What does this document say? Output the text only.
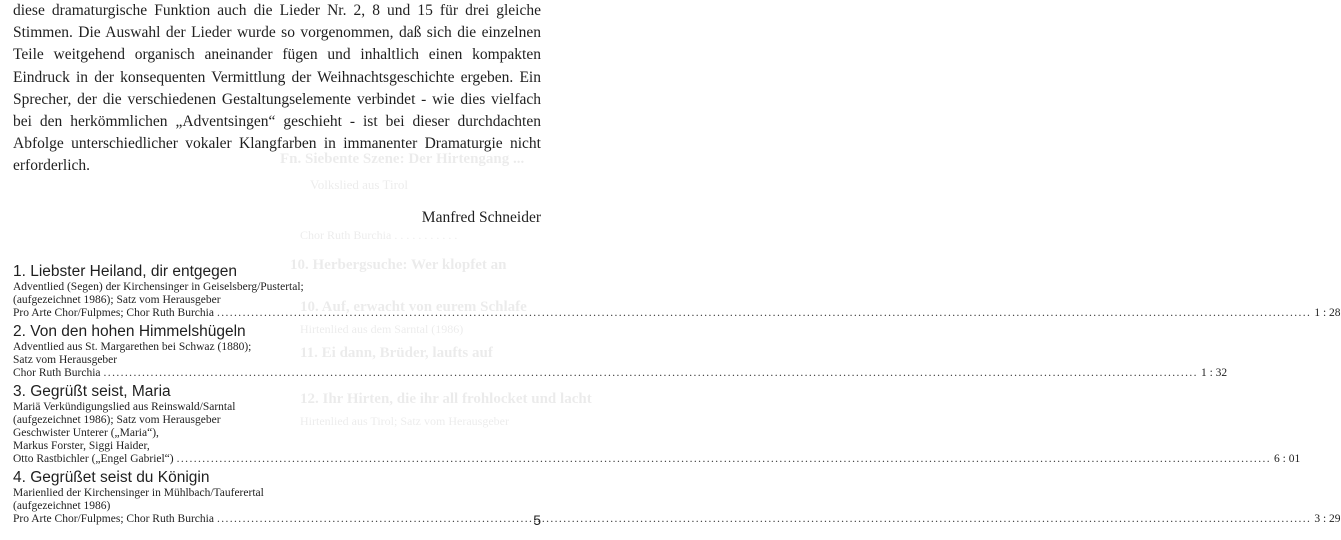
Fn. Siebente Szene: Der Hirtengang ...
Volkslied aus Tirol
Chor Ruth Burchia . . . . . . . . . . .
10. Herbergsuche: Wer klopfet an
10. Auf, erwacht von eurem Schlafe
Hirtenlied aus dem Sarntal (1986)
11. Ei dann, Brüder, laufts auf
12. Ihr Hirten, die ihr all frohlocket und lacht
Hirtenlied aus Tirol; Satz vom Herausgeber

diese dramaturgische Funktion auch die Lieder Nr. 2, 8 und 15 für drei gleiche Stimmen. Die Auswahl der Lieder wurde so vorgenommen, daß sich die einzelnen Teile weitgehend organisch aneinander fügen und inhaltlich einen kompakten Eindruck in der konsequenten Vermittlung der Weihnachtsgeschichte ergeben. Ein Sprecher, der die verschiedenen Gestaltungselemente verbindet - wie dies vielfach bei den herkömmlichen „Adventsingen“ geschieht - ist bei dieser durchdachten Abfolge unterschiedlicher vokaler Klangfarben in immanenter Dramaturgie nicht erforderlich.

Manfred Schneider
1. Liebster Heiland, dir entgegen
Adventlied (Segen) der Kirchensinger in Geiselsberg/Pustertal;
(aufgezeichnet 1986); Satz vom Herausgeber
Pro Arte Chor/Fulpmes; Chor Ruth Burchia .....	1 : 28
2. Von den hohen Himmelshügeln
Adventlied aus St. Margarethen bei Schwaz (1880);
Satz vom Herausgeber
Chor Ruth Burchia .....	1 : 32
3. Gegrüßt seist, Maria
Mariä Verkündigungslied aus Reinswald/Sarntal
(aufgezeichnet 1986); Satz vom Herausgeber
Geschwister Unterer („Maria“),
Markus Forster, Siggi Haider,
Otto Rastbichler („Engel Gabriel“) .....	6 : 01
4. Gegrüßet seist du Königin
Marienlied der Kirchensinger in Mühlbach/Tauferertal
(aufgezeichnet 1986)
Pro Arte Chor/Fulpmes; Chor Ruth Burchia .....	3 : 29
5
